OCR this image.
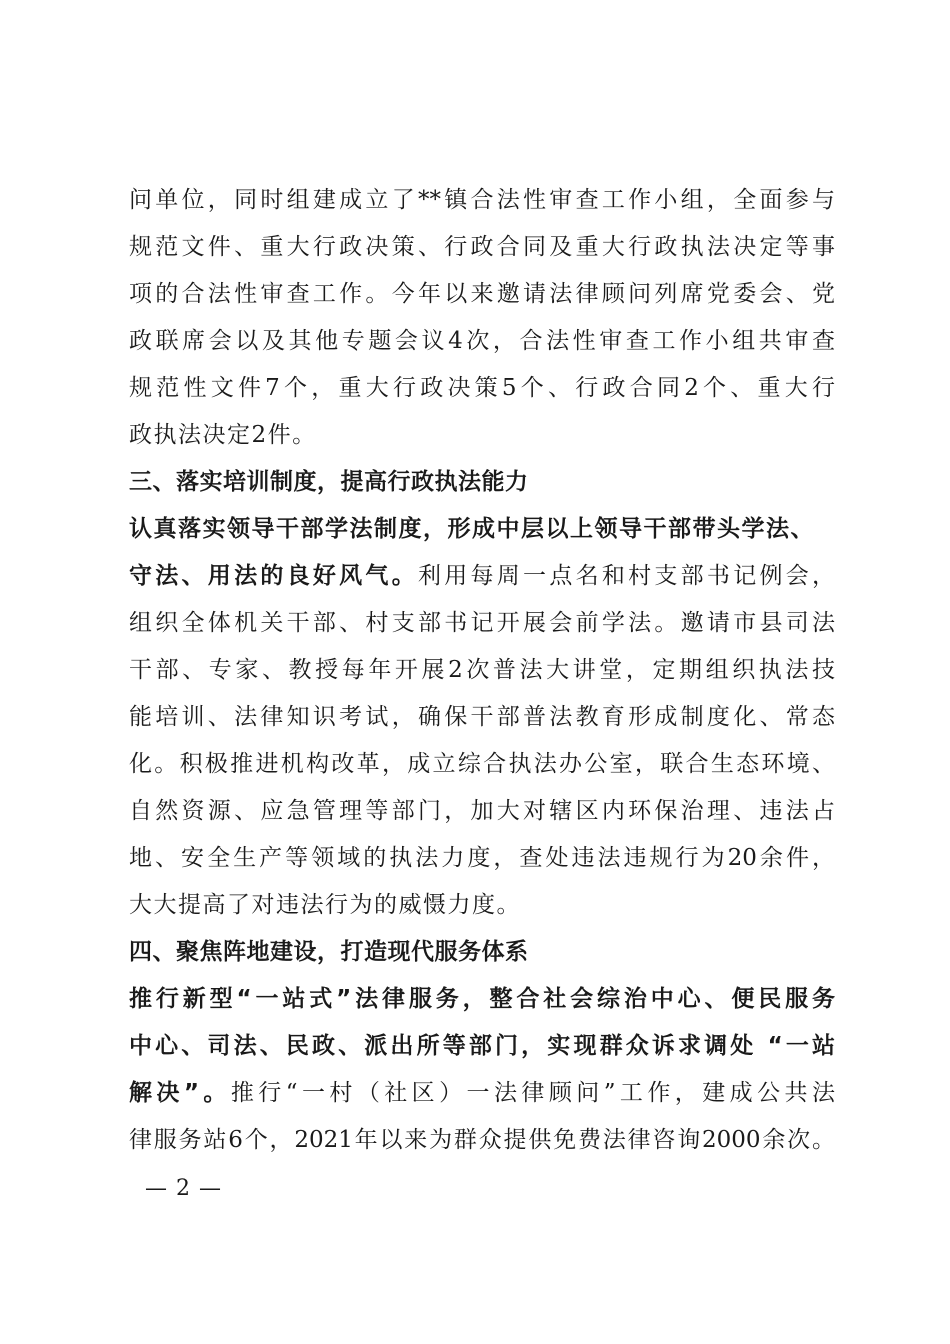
问单位，同时组建成立了**镇合法性审查工作小组，全面参与
规范文件、重大行政决策、行政合同及重大行政执法决定等事
项的合法性审查工作。今年以来邀请法律顾问列席党委会、党
政联席会以及其他专题会议4次，合法性审查工作小组共审查
规范性文件7个，重大行政决策5个、行政合同2个、重大行
政执法决定2件。
三、落实培训制度，提高行政执法能力
认真落实领导干部学法制度，形成中层以上领导干部带头学法、
守法、用法的良好风气。利用每周一点名和村支部书记例会，
组织全体机关干部、村支部书记开展会前学法。邀请市县司法
干部、专家、教授每年开展2次普法大讲堂，定期组织执法技
能培训、法律知识考试，确保干部普法教育形成制度化、常态
化。积极推进机构改革，成立综合执法办公室，联合生态环境、
自然资源、应急管理等部门，加大对辖区内环保治理、违法占
地、安全生产等领域的执法力度，查处违法违规行为20余件，
大大提高了对违法行为的威慑力度。
四、聚焦阵地建设，打造现代服务体系
推行新型“一站式”法律服务，整合社会综治中心、便民服务
中心、司法、民政、派出所等部门，实现群众诉求调处 “一站
解决”。推行“一村（社区）一法律顾问”工作，建成公共法
律服务站6个，2021年以来为群众提供免费法律咨询2000余次。
— 2 —
